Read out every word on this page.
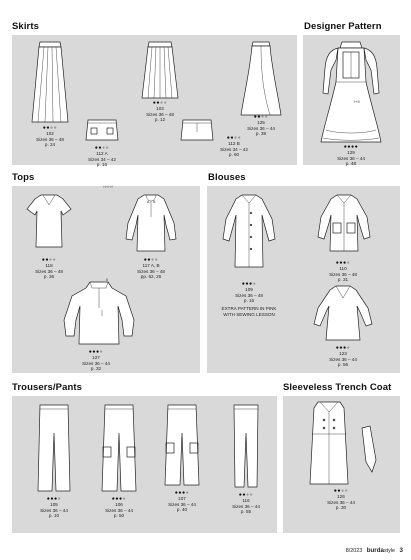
Skirts
●●●●
102
Sizes 36 – 48
p. 24
●●●●
103
Sizes 36 – 48
p. 12	●●●●
125
Sizes 36 – 44
p. 38
●●●●
112 A
Sizes 34 – 42
p. 16
●●●●
112 B
Sizes 34 – 42
p. 60
Designer Pattern
I+II
●●●●
129
Sizes 36 – 44
p. 48
Tops
HHHH
●●●●
118
Sizes 36 – 48
p. 36
A B
●●●●
117 A, B
Sizes 36 – 48
pp. 62, 26
II
●●●●
127
Sizes 36 – 44
p. 32
Blouses
●●●●
109
Sizes 36 – 48
p. 15
EXTRA PATTERN IN PINK WITH SEWING LESSON
●●●●
110
Sizes 36 – 48
p. 31
●●●●
123
Sizes 36 – 44
p. 56
Trousers/Pants
●●●●
105
Sizes 36 – 44
p. 10
●●●●
106
Sizes 36 – 44
p. 50
●●●●
107
Sizes 36 – 44
p. 40
●●●●
116
Sizes 36 – 44
p. 55
Sleeveless Trench Coat
●●●●
126
Sizes 36 – 44
p. 30
8/2023 burdastyle 3
